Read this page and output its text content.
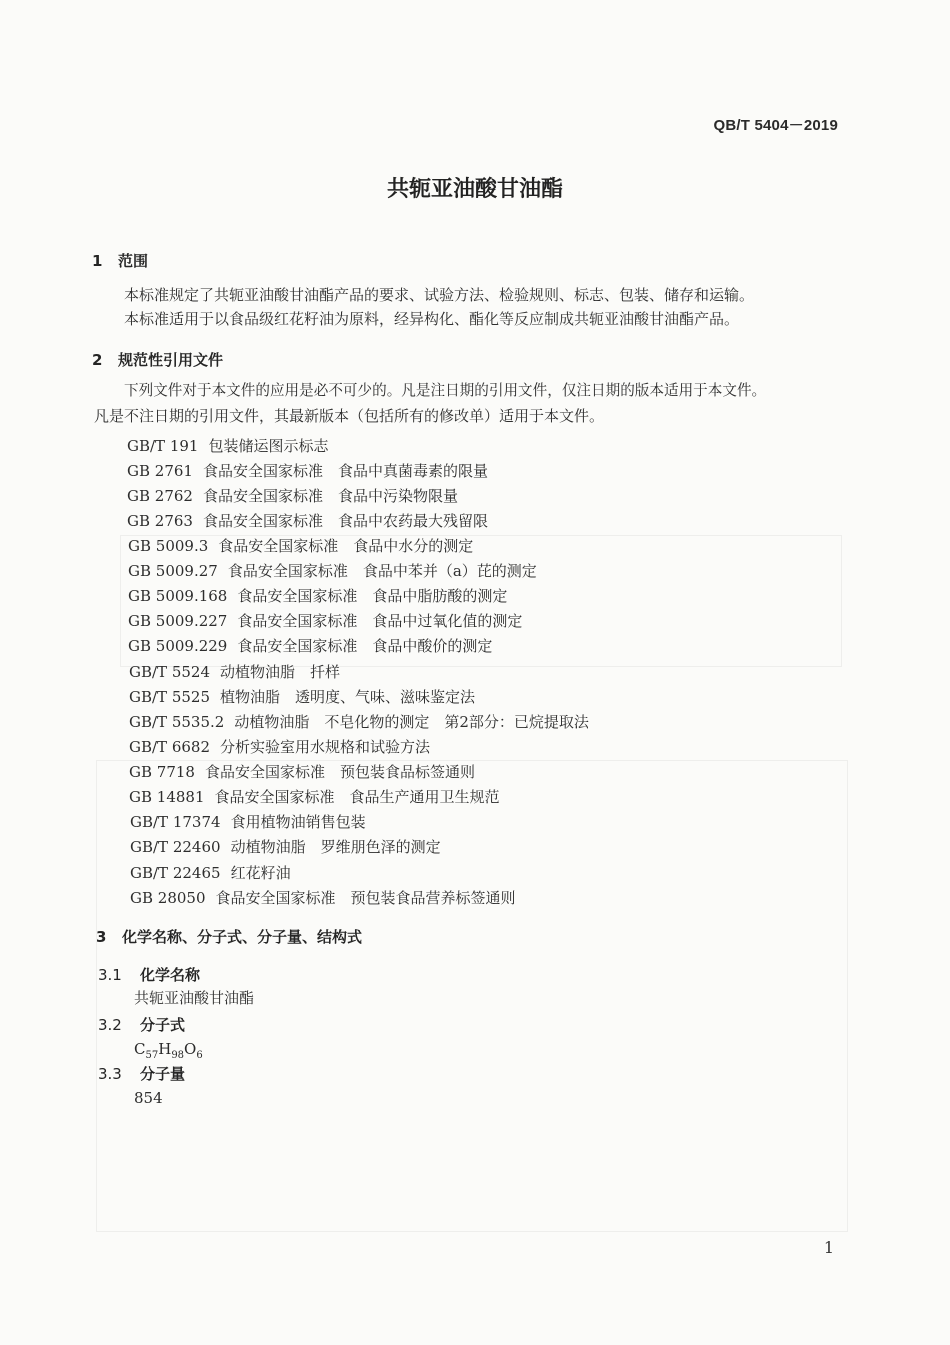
QB/T 5404－2019
共轭亚油酸甘油酯
1 范围
本标准规定了共轭亚油酸甘油酯产品的要求、试验方法、检验规则、标志、包装、储存和运输。
本标准适用于以食品级红花籽油为原料，经异构化、酯化等反应制成共轭亚油酸甘油酯产品。
2 规范性引用文件
下列文件对于本文件的应用是必不可少的。凡是注日期的引用文件，仅注日期的版本适用于本文件。
凡是不注日期的引用文件，其最新版本（包括所有的修改单）适用于本文件。
GB/T 191 包装储运图示标志
GB 2761 食品安全国家标准　食品中真菌毒素的限量
GB 2762 食品安全国家标准　食品中污染物限量
GB 2763 食品安全国家标准　食品中农药最大残留限
GB 5009.3 食品安全国家标准　食品中水分的测定
GB 5009.27 食品安全国家标准　食品中苯并（a）芘的测定
GB 5009.168 食品安全国家标准　食品中脂肪酸的测定
GB 5009.227 食品安全国家标准　食品中过氧化值的测定
GB 5009.229 食品安全国家标准　食品中酸价的测定
GB/T 5524 动植物油脂　扦样
GB/T 5525 植物油脂　透明度、气味、滋味鉴定法
GB/T 5535.2 动植物油脂　不皂化物的测定　第2部分：已烷提取法
GB/T 6682 分析实验室用水规格和试验方法
GB 7718 食品安全国家标准　预包装食品标签通则
GB 14881 食品安全国家标准　食品生产通用卫生规范
GB/T 17374 食用植物油销售包装
GB/T 22460 动植物油脂　罗维朋色泽的测定
GB/T 22465 红花籽油
GB 28050 食品安全国家标准　预包装食品营养标签通则
3 化学名称、分子式、分子量、结构式
3.1 化学名称
共轭亚油酸甘油酯
3.2 分子式
$C_{57}H_{98}O_6$
3.3 分子量
854
1
